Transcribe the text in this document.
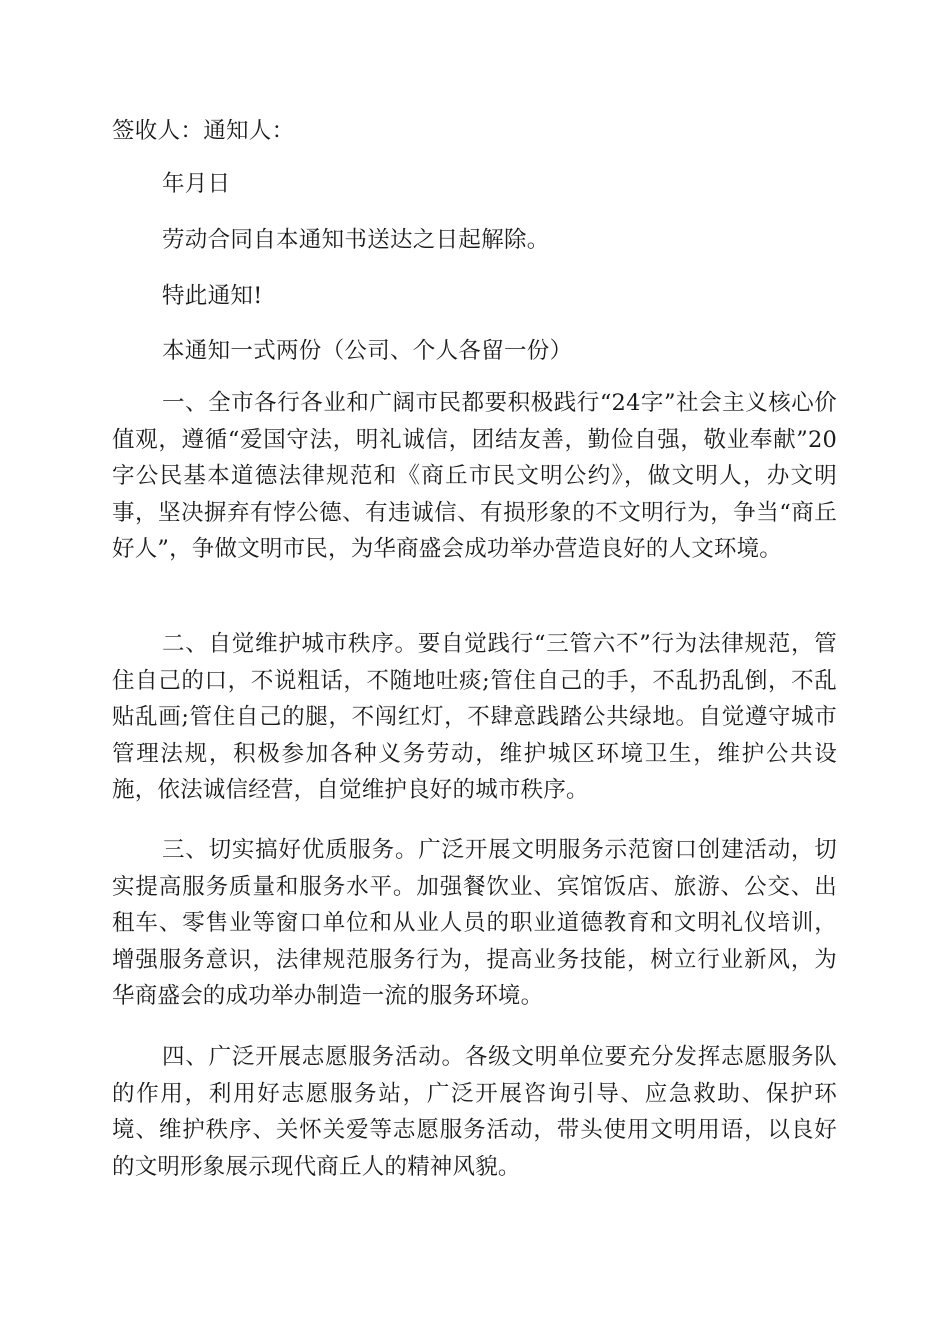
签收人：通知人：
年月日
劳动合同自本通知书送达之日起解除。
特此通知!
本通知一式两份（公司、个人各留一份）
一、全市各行各业和广阔市民都要积极践行“24字”社会主义核心价值观，遵循“爱国守法，明礼诚信，团结友善，勤俭自强，敬业奉献”20字公民基本道德法律规范和《商丘市民文明公约》，做文明人，办文明事，坚决摒弃有悖公德、有违诚信、有损形象的不文明行为，争当“商丘好人”，争做文明市民，为华商盛会成功举办营造良好的人文环境。
二、自觉维护城市秩序。要自觉践行“三管六不”行为法律规范，管住自己的口，不说粗话，不随地吐痰;管住自己的手，不乱扔乱倒，不乱贴乱画;管住自己的腿，不闯红灯，不肆意践踏公共绿地。自觉遵守城市管理法规，积极参加各种义务劳动，维护城区环境卫生，维护公共设施，依法诚信经营，自觉维护良好的城市秩序。
三、切实搞好优质服务。广泛开展文明服务示范窗口创建活动，切实提高服务质量和服务水平。加强餐饮业、宾馆饭店、旅游、公交、出租车、零售业等窗口单位和从业人员的职业道德教育和文明礼仪培训，增强服务意识，法律规范服务行为，提高业务技能，树立行业新风，为华商盛会的成功举办制造一流的服务环境。
四、广泛开展志愿服务活动。各级文明单位要充分发挥志愿服务队的作用，利用好志愿服务站，广泛开展咨询引导、应急救助、保护环境、维护秩序、关怀关爱等志愿服务活动，带头使用文明用语，以良好的文明形象展示现代商丘人的精神风貌。
